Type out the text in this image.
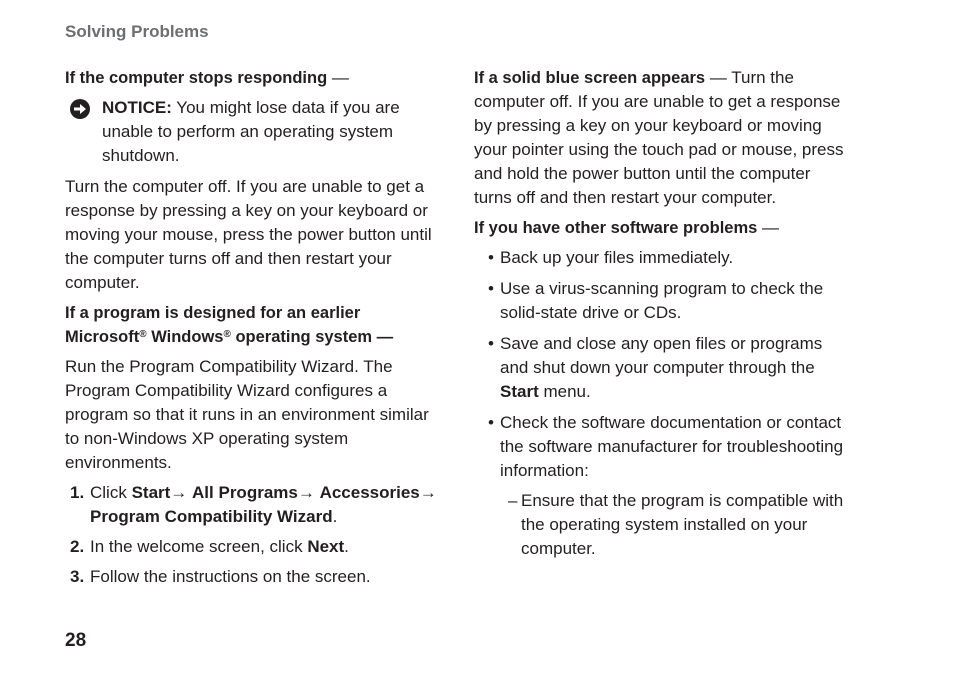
Solving Problems

If the computer stops responding —

NOTICE: You might lose data if you are unable to perform an operating system shutdown.

Turn the computer off. If you are unable to get a response by pressing a key on your keyboard or moving your mouse, press the power button until the computer turns off and then restart your computer.

If a program is designed for an earlier
Microsoft® Windows® operating system —

Run the Program Compatibility Wizard. The Program Compatibility Wizard configures a program so that it runs in an environment similar to non-Windows XP operating system environments.

1. Click Start→ All Programs→ Accessories→ Program Compatibility Wizard.
2. In the welcome screen, click Next.
3. Follow the instructions on the screen.

If a solid blue screen appears — Turn the computer off. If you are unable to get a response by pressing a key on your keyboard or moving your pointer using the touch pad or mouse, press and hold the power button until the computer turns off and then restart your computer.

If you have other software problems —

• Back up your files immediately.
• Use a virus-scanning program to check the solid-state drive or CDs.
• Save and close any open files or programs and shut down your computer through the Start menu.
• Check the software documentation or contact the software manufacturer for troubleshooting information:
– Ensure that the program is compatible with the operating system installed on your computer.
28
